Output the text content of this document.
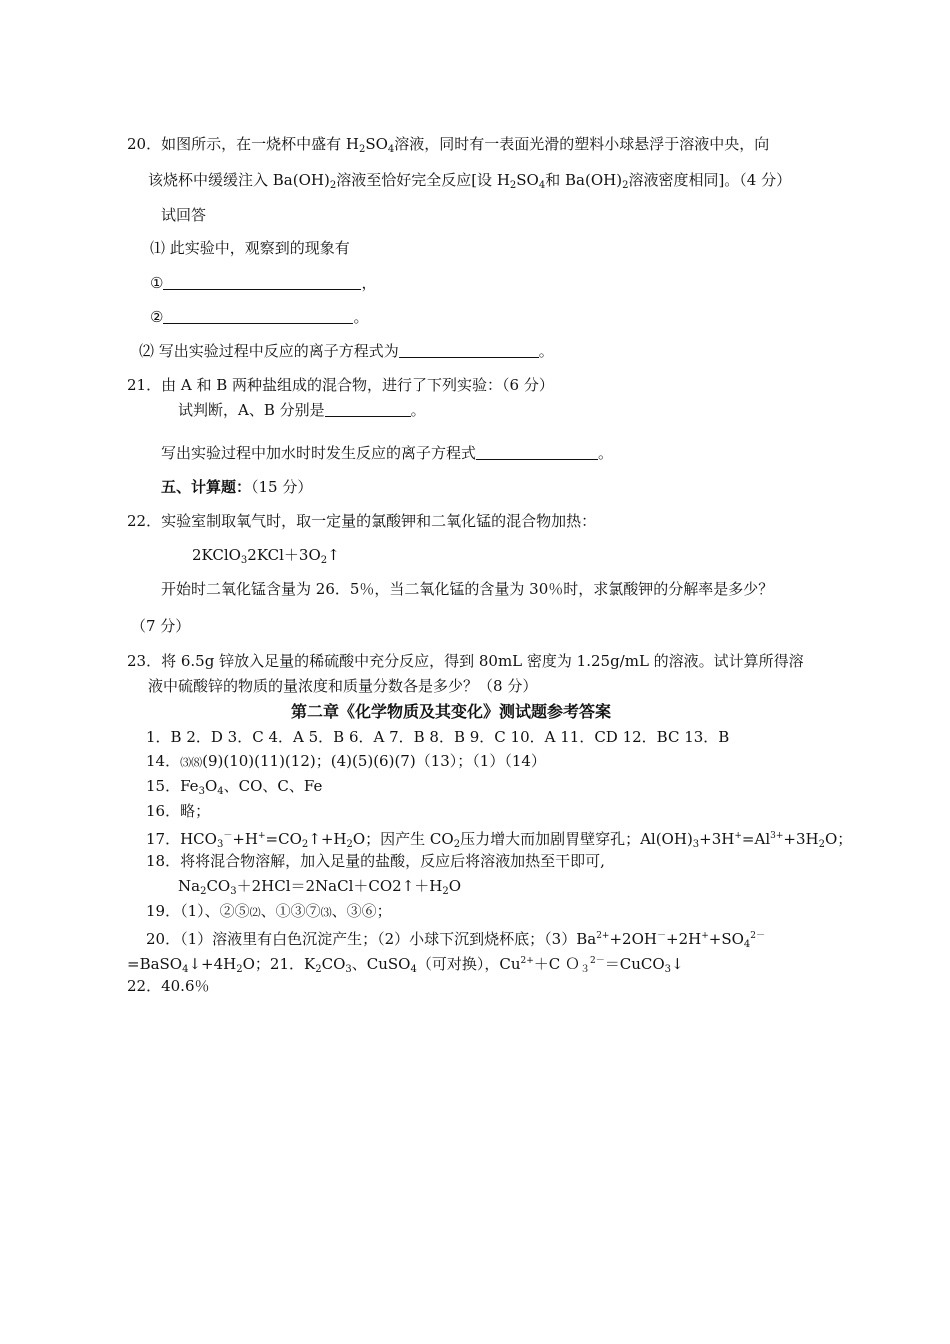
20．如图所示，在一烧杯中盛有 $H_2SO_4$溶液，同时有一表面光滑的塑料小球悬浮于溶液中央，向
该烧杯中缓缓注入 $Ba(OH)_2$溶液至恰好完全反应[设 $H_2SO_4$和 $Ba(OH)_2$溶液密度相同]。（4 分）
试回答
⑴ 此实验中，观察到的现象有
①	，
②	。
⑵ 写出实验过程中反应的离子方程式为	。
21．由 A 和 B 两种盐组成的混合物，进行了下列实验：（6 分）
试判断，A、B 分别是	。
写出实验过程中加水时时发生反应的离子方程式	。
五、计算题：（15 分）
22．实验室制取氧气时，取一定量的氯酸钾和二氧化锰的混合物加热：
$2KClO_32KCl+3O_2↑$
开始时二氧化锰含量为 26．5％，当二氧化锰的含量为 30％时，求氯酸钾的分解率是多少？
（7 分）
23．将 6.5g 锌放入足量的稀硫酸中充分反应，得到 80mL 密度为 1.25g/mL 的溶液。试计算所得溶
液中硫酸锌的物质的量浓度和质量分数各是多少？（8 分）
第二章《化学物质及其变化》测试题参考答案
1．B 2．D 3．C 4．A 5．B 6．A 7．B 8．B 9．C 10．A 11．CD 12．BC 13．B
14．⑶⑻(9)(10)(11)(12)；(4)(5)(6)(7)（13）；（1）（14）
15．$Fe_3O_4$、CO、C、Fe
16．略；
17．$HCO_3^-+H^+=CO_2↑+H_2O$；因产生 $CO_2$压力增大而加剧胃壁穿孔；$Al(OH)_3+3H^+=Al^{3+}+3H_2O$；
18．将将混合物溶解，加入足量的盐酸，反应后将溶液加热至干即可,
$Na_2CO_3+2HCl=2NaCl+CO2↑+H_2O$
19．（1）、②⑤⑵、①③⑦⑶、③⑥；
20．（1）溶液里有白色沉淀产生；（2）小球下沉到烧杯底；$(3)Ba^{2+}+2OH^-+2H^++SO_4^{2-}$
$=BaSO_4↓+4H_2O$；21．$K_2CO_3$、CuSO$_4$（可对换），$Cu^{2+}+C$ Ｏ$_3^{2-}$＝CuCO$_3$↓
22．40.6％
